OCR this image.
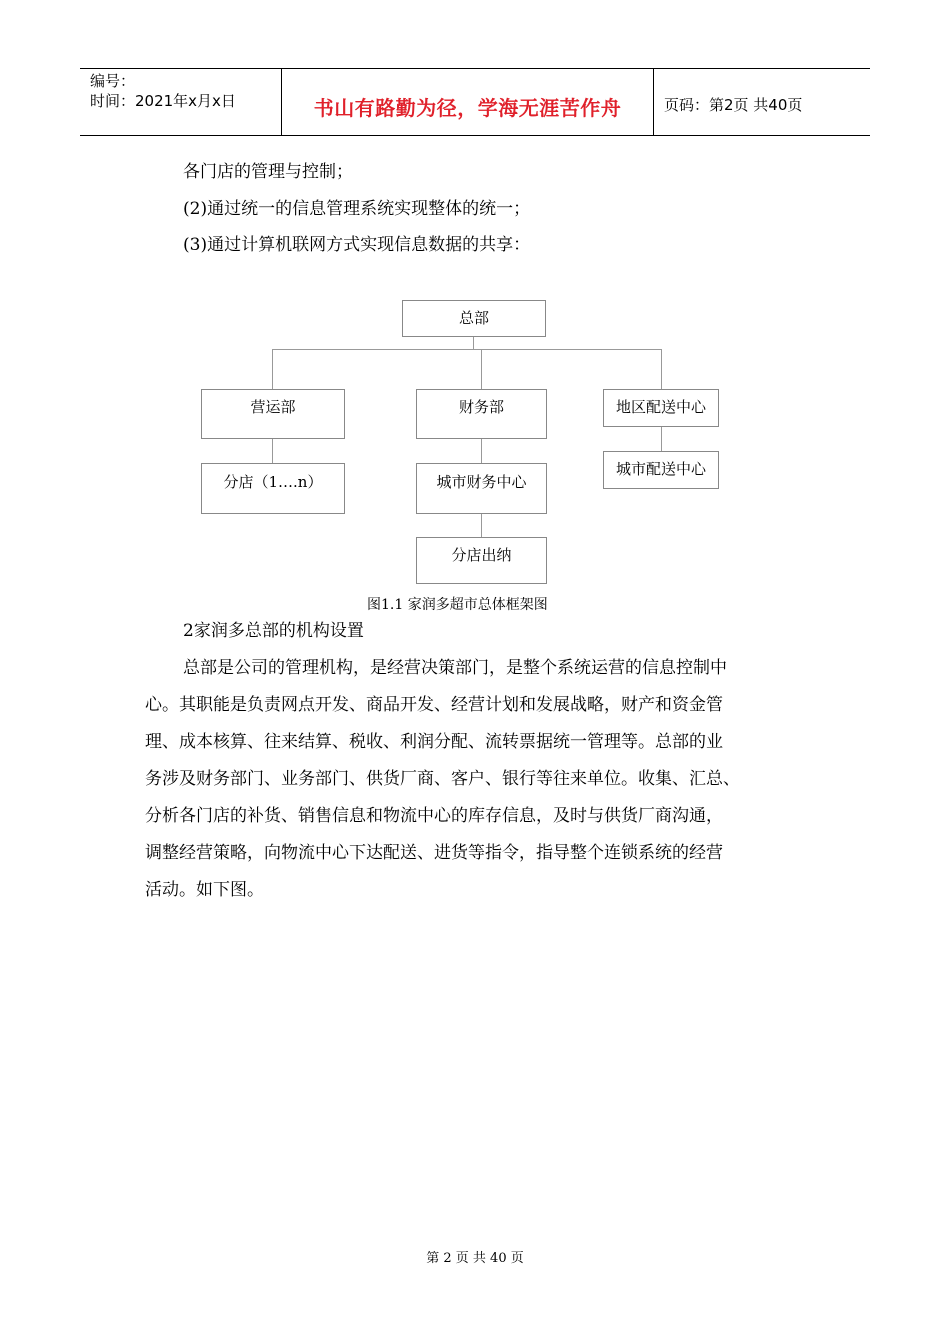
编号：
时间：2021年x月x日	书山有路勤为径，学海无涯苦作舟	页码：第2页 共40页
各门店的管理与控制；
(2)通过统一的信息管理系统实现整体的统一；
(3)通过计算机联网方式实现信息数据的共享：
总部
营运部	财务部	地区配送中心
分店（1….n）	城市财务中心
城市配送中心
分店出纳
图1.1 家润多超市总体框架图
2家润多总部的机构设置
总部是公司的管理机构，是经营决策部门，是整个系统运营的信息控制中
心。其职能是负责网点开发、商品开发、经营计划和发展战略，财产和资金管
理、成本核算、往来结算、税收、利润分配、流转票据统一管理等。总部的业
务涉及财务部门、业务部门、供货厂商、客户、银行等往来单位。收集、汇总、
分析各门店的补货、销售信息和物流中心的库存信息，及时与供货厂商沟通，
调整经营策略，向物流中心下达配送、进货等指令，指导整个连锁系统的经营
活动。如下图。
第 2 页 共 40 页
